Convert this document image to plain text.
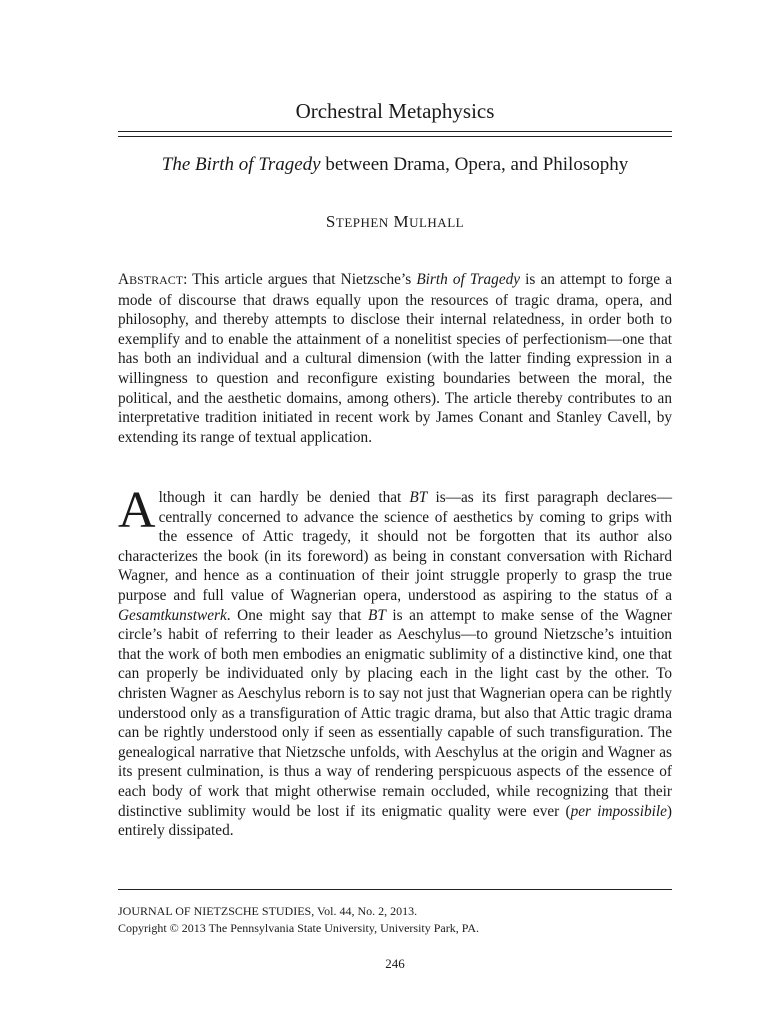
Orchestral Metaphysics
The Birth of Tragedy between Drama, Opera, and Philosophy
STEPHEN MULHALL
ABSTRACT: This article argues that Nietzsche’s Birth of Tragedy is an attempt to forge a mode of discourse that draws equally upon the resources of tragic drama, opera, and philosophy, and thereby attempts to disclose their internal relatedness, in order both to exemplify and to enable the attainment of a nonelitist species of perfectionism—one that has both an individual and a cultural dimension (with the latter finding expression in a willingness to question and reconfigure existing boundaries between the moral, the political, and the aesthetic domains, among others). The article thereby contributes to an interpretative tradition initiated in recent work by James Conant and Stanley Cavell, by extending its range of textual application.
Although it can hardly be denied that BT is—as its first paragraph declares—centrally concerned to advance the science of aesthetics by coming to grips with the essence of Attic tragedy, it should not be forgotten that its author also characterizes the book (in its foreword) as being in constant conversation with Richard Wagner, and hence as a continuation of their joint struggle properly to grasp the true purpose and full value of Wagnerian opera, understood as aspiring to the status of a Gesamtkunstwerk. One might say that BT is an attempt to make sense of the Wagner circle’s habit of referring to their leader as Aeschylus—to ground Nietzsche’s intuition that the work of both men embodies an enigmatic sublimity of a distinctive kind, one that can properly be individuated only by placing each in the light cast by the other. To christen Wagner as Aeschylus reborn is to say not just that Wagnerian opera can be rightly understood only as a transfiguration of Attic tragic drama, but also that Attic tragic drama can be rightly understood only if seen as essentially capable of such transfiguration. The genealogical narrative that Nietzsche unfolds, with Aeschylus at the origin and Wagner as its present culmination, is thus a way of rendering perspicuous aspects of the essence of each body of work that might otherwise remain occluded, while recognizing that their distinctive sublimity would be lost if its enigmatic quality were ever (per impossibile) entirely dissipated.
JOURNAL OF NIETZSCHE STUDIES, Vol. 44, No. 2, 2013.
Copyright © 2013 The Pennsylvania State University, University Park, PA.
246
